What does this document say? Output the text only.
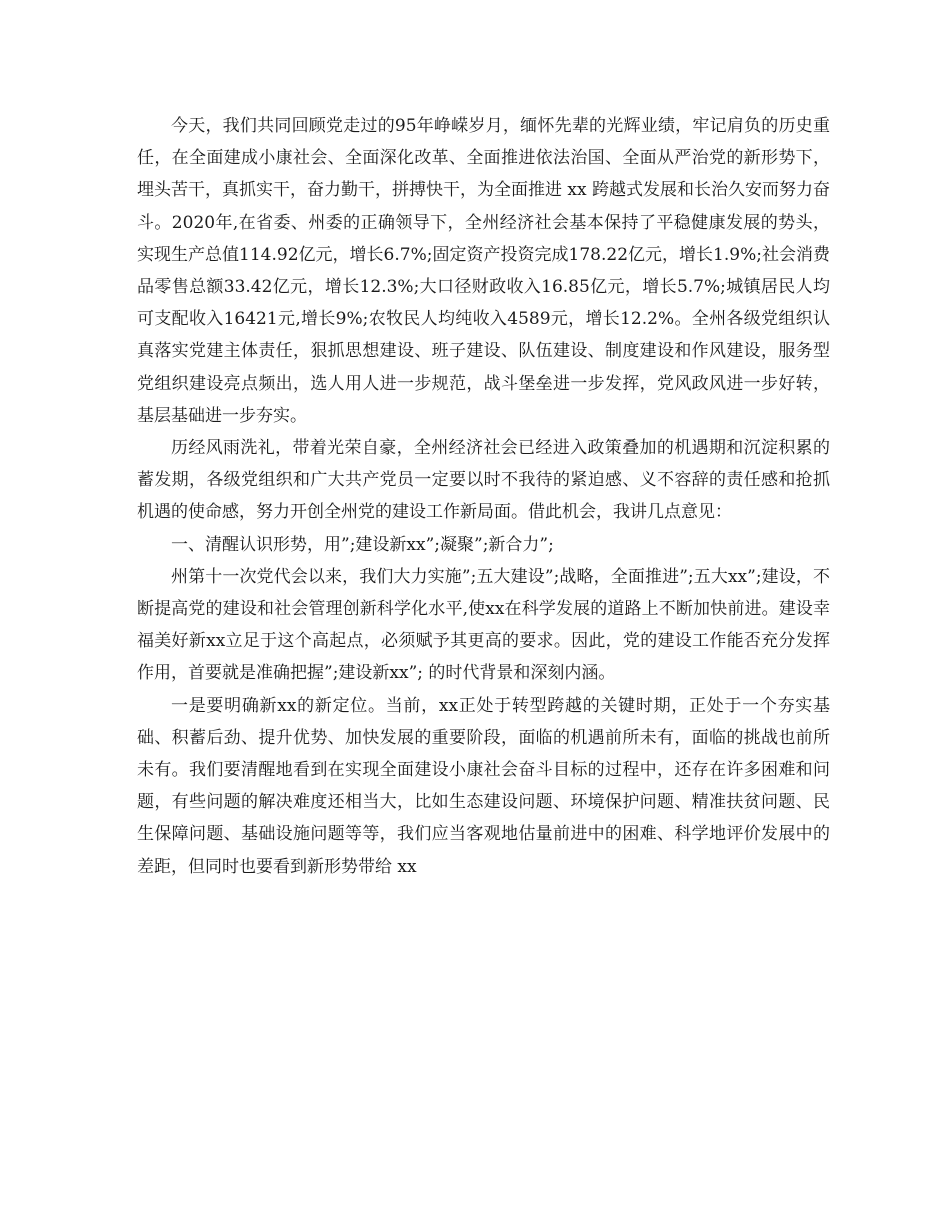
今天，我们共同回顾党走过的95年峥嵘岁月，缅怀先辈的光辉业绩，牢记肩负的历史重任，在全面建成小康社会、全面深化改革、全面推进依法治国、全面从严治党的新形势下，埋头苦干，真抓实干，奋力勤干，拼搏快干，为全面推进 xx 跨越式发展和长治久安而努力奋斗。2020年,在省委、州委的正确领导下，全州经济社会基本保持了平稳健康发展的势头，实现生产总值114.92亿元，增长6.7%;固定资产投资完成178.22亿元，增长1.9%;社会消费品零售总额33.42亿元，增长12.3%;大口径财政收入16.85亿元，增长5.7%;城镇居民人均可支配收入16421元,增长9%;农牧民人均纯收入4589元，增长12.2%。全州各级党组织认真落实党建主体责任，狠抓思想建设、班子建设、队伍建设、制度建设和作风建设，服务型党组织建设亮点频出，选人用人进一步规范，战斗堡垒进一步发挥，党风政风进一步好转，基层基础进一步夯实。

历经风雨洗礼，带着光荣自豪，全州经济社会已经进入政策叠加的机遇期和沉淀积累的蓄发期，各级党组织和广大共产党员一定要以时不我待的紧迫感、义不容辞的责任感和抢抓机遇的使命感，努力开创全州党的建设工作新局面。借此机会，我讲几点意见：

一、清醒认识形势，用”;建设新xx”;凝聚”;新合力”;

州第十一次党代会以来，我们大力实施”;五大建设”;战略，全面推进”;五大xx”;建设，不断提高党的建设和社会管理创新科学化水平,使xx在科学发展的道路上不断加快前进。建设幸福美好新xx立足于这个高起点，必须赋予其更高的要求。因此，党的建设工作能否充分发挥作用，首要就是准确把握”;建设新xx”; 的时代背景和深刻内涵。

一是要明确新xx的新定位。当前，xx正处于转型跨越的关键时期，正处于一个夯实基础、积蓄后劲、提升优势、加快发展的重要阶段，面临的机遇前所未有，面临的挑战也前所未有。我们要清醒地看到在实现全面建设小康社会奋斗目标的过程中，还存在许多困难和问题，有些问题的解决难度还相当大，比如生态建设问题、环境保护问题、精准扶贫问题、民生保障问题、基础设施问题等等，我们应当客观地估量前进中的困难、科学地评价发展中的差距，但同时也要看到新形势带给 xx
